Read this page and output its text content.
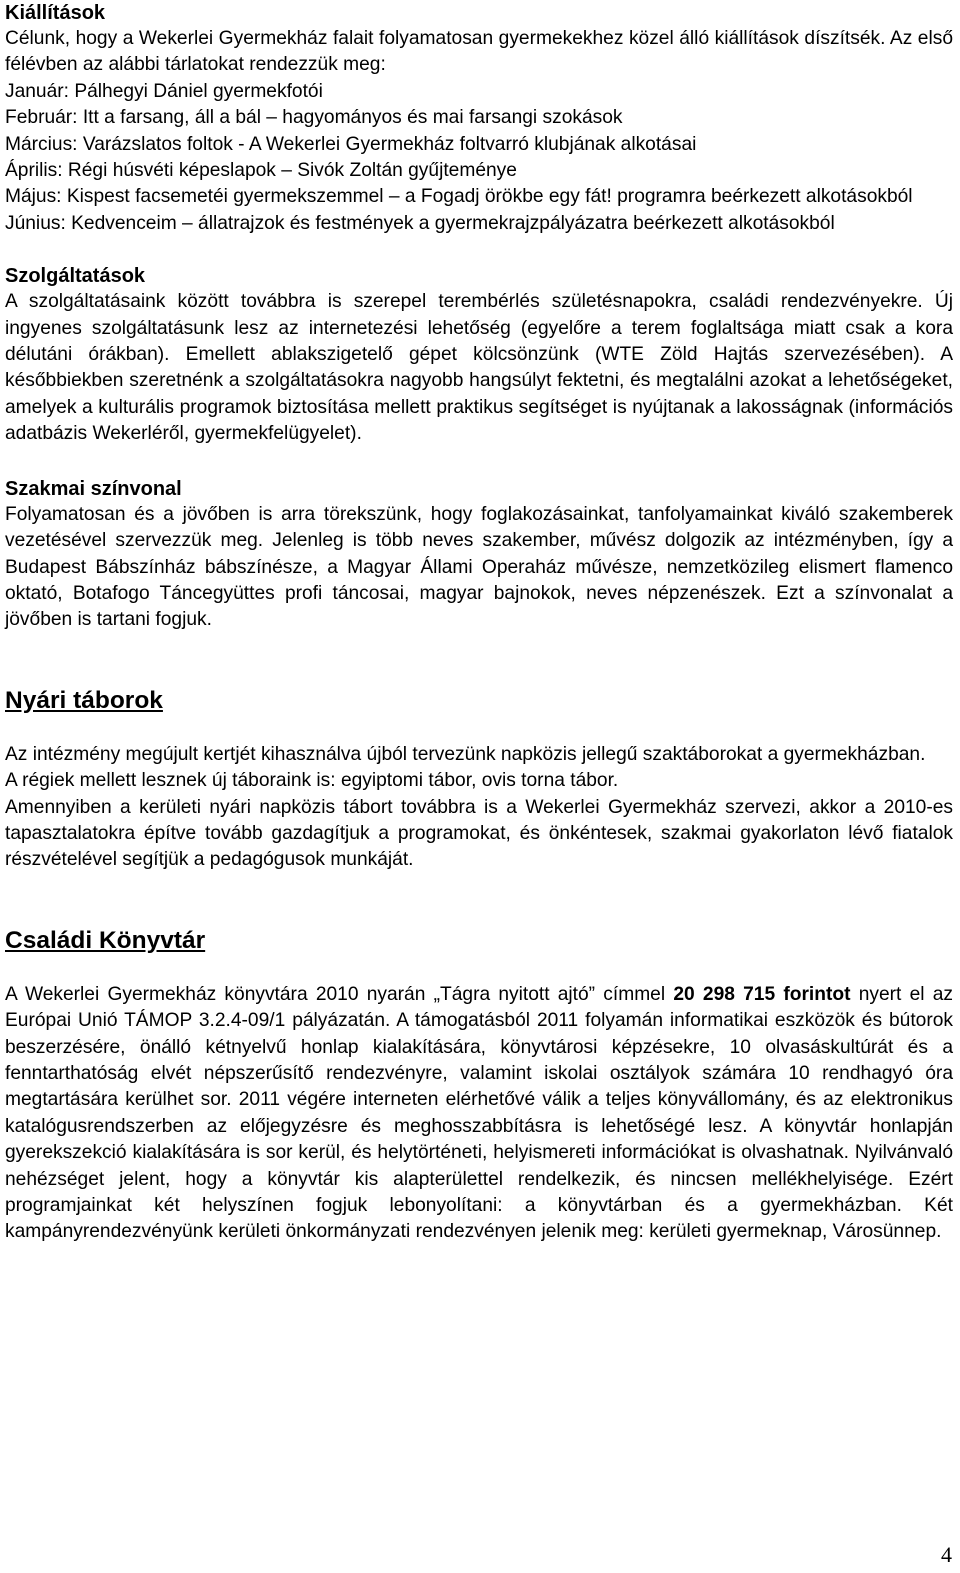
Kiállítások

Célunk, hogy a Wekerlei Gyermekház falait folyamatosan gyermekekhez közel álló kiállítások díszítsék. Az első félévben az alábbi tárlatokat rendezzük meg:

Január: Pálhegyi Dániel gyermekfotói

Február: Itt a farsang, áll a bál – hagyományos és mai farsangi szokások

Március: Varázslatos foltok - A Wekerlei Gyermekház foltvarró klubjának alkotásai

Április: Régi húsvéti képeslapok – Sivók Zoltán gyűjteménye

Május: Kispest facsemetéi gyermekszemmel – a Fogadj örökbe egy fát! programra beérkezett alkotásokból

Június: Kedvenceim – állatrajzok és festmények a gyermekrajzpályázatra beérkezett alkotásokból

Szolgáltatások

A szolgáltatásaink között továbbra is szerepel terembérlés születésnapokra, családi rendezvényekre. Új ingyenes szolgáltatásunk lesz az internetezési lehetőség (egyelőre a terem foglaltsága miatt csak a kora délutáni órákban). Emellett ablakszigetelő gépet kölcsönzünk (WTE Zöld Hajtás szervezésében). A későbbiekben szeretnénk a szolgáltatásokra nagyobb hangsúlyt fektetni, és megtalálni azokat a lehetőségeket, amelyek a kulturális programok biztosítása mellett praktikus segítséget is nyújtanak a lakosságnak (információs adatbázis Wekerléről, gyermekfelügyelet).

Szakmai színvonal

Folyamatosan és a jövőben is arra törekszünk, hogy foglakozásainkat, tanfolyamainkat kiváló szakemberek vezetésével szervezzük meg. Jelenleg is több neves szakember, művész dolgozik az intézményben, így a Budapest Bábszínház bábszínésze, a Magyar Állami Operaház művésze, nemzetközileg elismert flamenco oktató, Botafogo Táncegyüttes profi táncosai, magyar bajnokok, neves népzenészek. Ezt a színvonalat a jövőben is tartani fogjuk.

Nyári táborok

Az intézmény megújult kertjét kihasználva újból tervezünk napközis jellegű szaktáborokat a gyermekházban.

A régiek mellett lesznek új táboraink is: egyiptomi tábor, ovis torna tábor.

Amennyiben a kerületi nyári napközis tábort továbbra is a Wekerlei Gyermekház szervezi, akkor a 2010-es tapasztalatokra építve tovább gazdagítjuk a programokat, és önkéntesek, szakmai gyakorlaton lévő fiatalok részvételével segítjük a pedagógusok munkáját.

Családi Könyvtár

A Wekerlei Gyermekház könyvtára 2010 nyarán „Tágra nyitott ajtó” címmel 20 298 715 forintot nyert el az Európai Unió TÁMOP 3.2.4-09/1 pályázatán. A támogatásból 2011 folyamán informatikai eszközök és bútorok beszerzésére, önálló kétnyelvű honlap kialakítására, könyvtárosi képzésekre, 10 olvasáskultúrát és a fenntarthatóság elvét népszerűsítő rendezvényre, valamint iskolai osztályok számára 10 rendhagyó óra megtartására kerülhet sor. 2011 végére interneten elérhetővé válik a teljes könyvállomány, és az elektronikus katalógusrendszerben az előjegyzésre és meghosszabbításra is lehetőségé lesz. A könyvtár honlapján gyerekszekció kialakítására is sor kerül, és helytörténeti, helyismereti információkat is olvashatnak. Nyilvánvaló nehézséget jelent, hogy a könyvtár kis alapterülettel rendelkezik, és nincsen mellékhelyisége. Ezért programjainkat két helyszínen fogjuk lebonyolítani: a könyvtárban és a gyermekházban. Két kampányrendezvényünk kerületi önkormányzati rendezvényen jelenik meg: kerületi gyermeknap, Városünnep.

4
